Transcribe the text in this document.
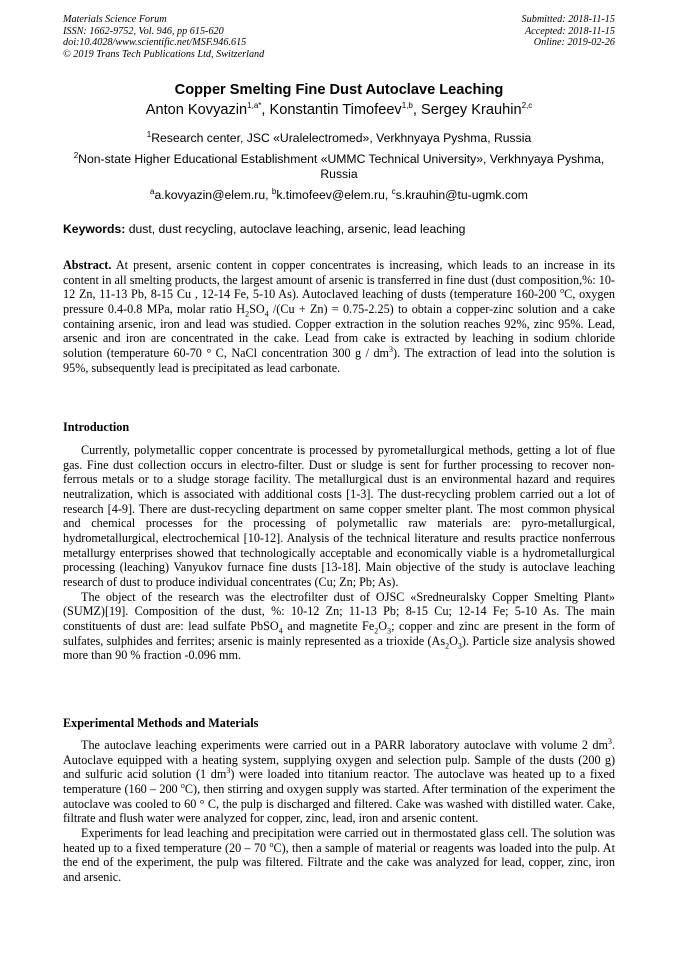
Materials Science Forum
ISSN: 1662-9752, Vol. 946, pp 615-620
doi:10.4028/www.scientific.net/MSF.946.615
© 2019 Trans Tech Publications Ltd, Switzerland
Submitted: 2018-11-15
Accepted: 2018-11-15
Online: 2019-02-26
Copper Smelting Fine Dust Autoclave Leaching
Anton Kovyazin$^{1,a*}$, Konstantin Timofeev$^{1,b}$, Sergey Krauhin$^{2,c}$
$^1$Research center, JSC «Uralelectromed», Verkhnyaya Pyshma, Russia
$^2$Non-state Higher Educational Establishment «UMMC Technical University», Verkhnyaya Pyshma, Russia
$^a$a.kovyazin@elem.ru, $^b$k.timofeev@elem.ru, $^c$s.krauhin@tu-ugmk.com
Keywords: dust, dust recycling, autoclave leaching, arsenic, lead leaching

Abstract. At present, arsenic content in copper concentrates is increasing, which leads to an increase in its content in all smelting products, the largest amount of arsenic is transferred in fine dust (dust composition,%: 10-12 Zn, 11-13 Pb, 8-15 Cu , 12-14 Fe, 5-10 As). Autoclaved leaching of dusts (temperature 160-200 $^o$C, oxygen pressure 0.4-0.8 MPa, molar ratio $H_2SO_4$ /(Cu + Zn) = 0.75-2.25) to obtain a copper-zinc solution and a cake containing arsenic, iron and lead was studied. Copper extraction in the solution reaches 92%, zinc 95%. Lead, arsenic and iron are concentrated in the cake. Lead from cake is extracted by leaching in sodium chloride solution (temperature 60-70 ° C, NaCl concentration 300 g / $dm^3$). The extraction of lead into the solution is 95%, subsequently lead is precipitated as lead carbonate.

Introduction

Currently, polymetallic copper concentrate is processed by pyrometallurgical methods, getting a lot of flue gas. Fine dust collection occurs in electro-filter. Dust or sludge is sent for further processing to recover non-ferrous metals or to a sludge storage facility. The metallurgical dust is an environmental hazard and requires neutralization, which is associated with additional costs [1-3]. The dust-recycling problem carried out a lot of research [4-9]. There are dust-recycling department on same copper smelter plant. The most common physical and chemical processes for the processing of polymetallic raw materials are: pyro-metallurgical, hydrometallurgical, electrochemical [10-12]. Analysis of the technical literature and results practice nonferrous metallurgy enterprises showed that technologically acceptable and economically viable is a hydrometallurgical processing (leaching) Vanyukov furnace fine dusts [13-18]. Main objective of the study is autoclave leaching research of dust to produce individual concentrates (Cu; Zn; Pb; As).

The object of the research was the electrofilter dust of OJSC «Sredneuralsky Copper Smelting Plant» (SUMZ)[19]. Composition of the dust, %: 10-12 Zn; 11-13 Pb; 8-15 Cu; 12-14 Fe; 5-10 As. The main constituents of dust are: lead sulfate PbSO$_4$ and magnetite $Fe_2O_3$; copper and zinc are present in the form of sulfates, sulphides and ferrites; arsenic is mainly represented as a trioxide $(As_2O_3)$. Particle size analysis showed more than 90 % fraction -0.096 mm.

Experimental Methods and Materials

The autoclave leaching experiments were carried out in a PARR laboratory autoclave with volume 2 $dm^3$. Autoclave equipped with a heating system, supplying oxygen and selection pulp. Sample of the dusts (200 g) and sulfuric acid solution (1 $dm^3$) were loaded into titanium reactor. The autoclave was heated up to a fixed temperature (160 – 200 $^o$C), then stirring and oxygen supply was started. After termination of the experiment the autoclave was cooled to 60 ° C, the pulp is discharged and filtered. Cake was washed with distilled water. Cake, filtrate and flush water were analyzed for copper, zinc, lead, iron and arsenic content.

Experiments for lead leaching and precipitation were carried out in thermostated glass cell. The solution was heated up to a fixed temperature (20 – 70 $^o$C), then a sample of material or reagents was loaded into the pulp. At the end of the experiment, the pulp was filtered. Filtrate and the cake was analyzed for lead, copper, zinc, iron and arsenic.
